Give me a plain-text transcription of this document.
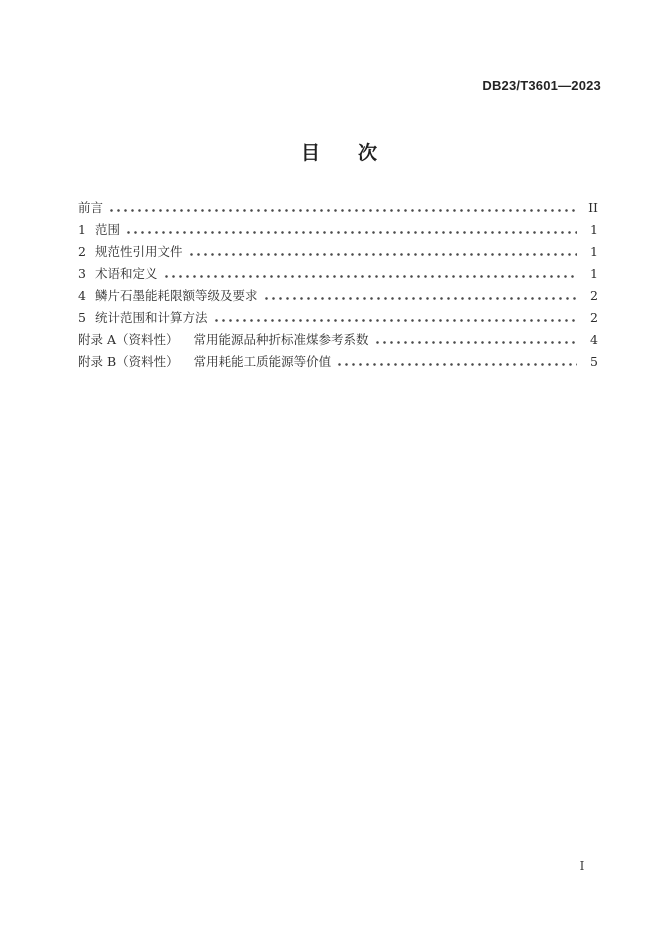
DB23/T3601—2023
目　　次
前言	II
1 范围	1
2 规范性引用文件	1
3 术语和定义	1
4 鳞片石墨能耗限额等级及要求	2
5 统计范围和计算方法	2
附录 A（资料性） 常用能源品种折标准煤参考系数	4
附录 B（资料性） 常用耗能工质能源等价值	5
I
